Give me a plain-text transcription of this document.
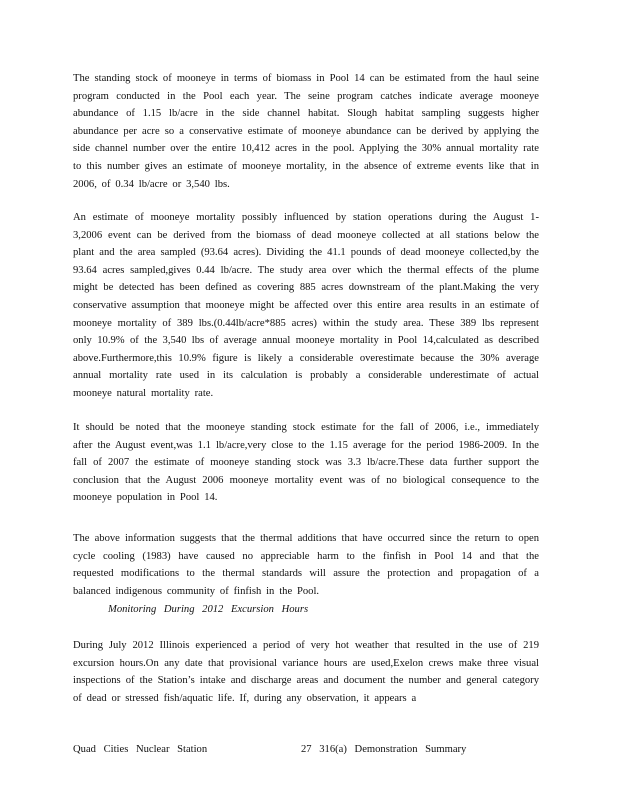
The standing stock of mooneye in terms of biomass in Pool 14 can be estimated from the haul seine program conducted in the Pool each year. The seine program catches indicate average mooneye abundance of 1.15 lb/acre in the side channel habitat. Slough habitat sampling suggests higher abundance per acre so a conservative estimate of mooneye abundance can be derived by applying the side channel number over the entire 10,412 acres in the pool. Applying the 30% annual mortality rate to this number gives an estimate of mooneye mortality, in the absence of extreme events like that in 2006, of 0.34 lb/acre or 3,540 lbs.

An estimate of mooneye mortality possibly influenced by station operations during the August 1-3,2006 event can be derived from the biomass of dead mooneye collected at all stations below the plant and the area sampled (93.64 acres). Dividing the 41.1 pounds of dead mooneye collected,by the 93.64 acres sampled,gives 0.44 lb/acre. The study area over which the thermal effects of the plume might be detected has been defined as covering 885 acres downstream of the plant.Making the very conservative assumption that mooneye might be affected over this entire area results in an estimate of mooneye mortality of 389 lbs.(0.44lb/acre*885 acres) within the study area. These 389 lbs represent only 10.9% of the 3,540 lbs of average annual mooneye mortality in Pool 14,calculated as described above.Furthermore,this 10.9% figure is likely a considerable overestimate because the 30% average annual mortality rate used in its calculation is probably a considerable underestimate of actual mooneye natural mortality rate.

It should be noted that the mooneye standing stock estimate for the fall of 2006, i.e., immediately after the August event,was 1.1 lb/acre,very close to the 1.15 average for the period 1986-2009. In the fall of 2007 the estimate of mooneye standing stock was 3.3 lb/acre.These data further support the conclusion that the August 2006 mooneye mortality event was of no biological consequence to the mooneye population in Pool 14.

The above information suggests that the thermal additions that have occurred since the return to open cycle cooling (1983) have caused no appreciable harm to the finfish in Pool 14 and that the requested modifications to the thermal standards will assure the protection and propagation of a balanced indigenous community of finfish in the Pool.

Monitoring During 2012 Excursion Hours

During July 2012 Illinois experienced a period of very hot weather that resulted in the use of 219 excursion hours.On any date that provisional variance hours are used,Exelon crews make three visual inspections of the Station’s intake and discharge areas and document the number and general category of dead or stressed fish/aquatic life. If, during any observation, it appears a

Quad Cities Nuclear Station	27 316(a) Demonstration Summary
